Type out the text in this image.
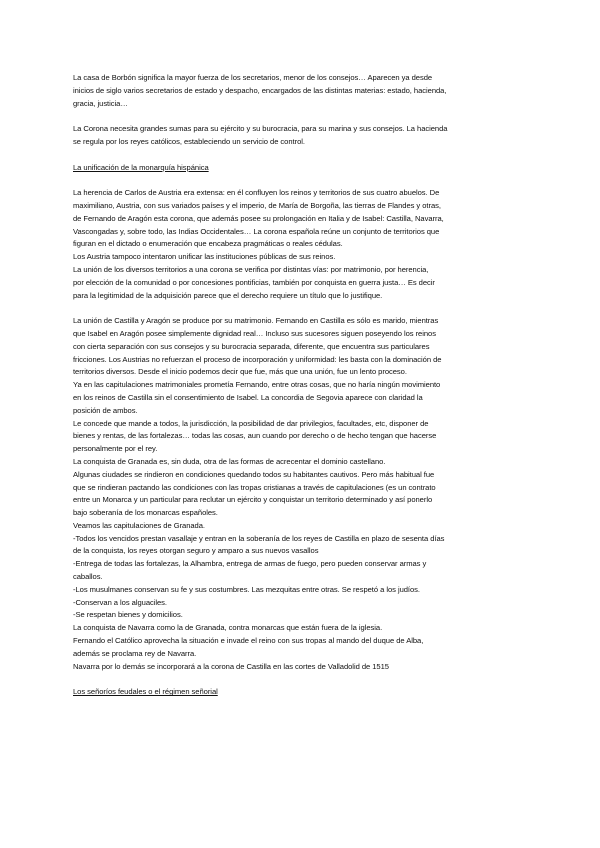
La casa de Borbón significa la mayor fuerza de los secretarios, menor de los consejos… Aparecen ya desde
inicios de siglo varios secretarios de estado y despacho, encargados de las distintas materias: estado, hacienda,
gracia, justicia…
La Corona necesita grandes sumas para su ejército y su burocracia, para su marina y sus consejos. La hacienda
se regula por los reyes católicos, estableciendo un servicio de control.
La unificación de la monarquía hispánica
La herencia de Carlos de Austria era extensa: en él confluyen los reinos y territorios de sus cuatro abuelos. De
maximiliano, Austria, con sus variados países y el imperio, de María de Borgoña, las tierras de Flandes y otras,
de Fernando de Aragón esta corona, que además posee su prolongación en Italia y de Isabel: Castilla, Navarra,
Vascongadas y, sobre todo, las Indias Occidentales… La corona española reúne un conjunto de territorios que
figuran en el dictado o enumeración que encabeza pragmáticas o reales cédulas.
Los Austria tampoco intentaron unificar las instituciones públicas de sus reinos.
La unión de los diversos territorios a una corona se verifica por distintas vías: por matrimonio, por herencia,
por elección de la comunidad o por concesiones pontificias, también por conquista en guerra justa… Es decir
para la legitimidad de la adquisición parece que el derecho requiere un título que lo justifique.
La unión de Castilla y Aragón se produce por su matrimonio. Fernando en Castilla es sólo es marido, mientras
que Isabel en Aragón posee simplemente dignidad real… Incluso sus sucesores siguen poseyendo los reinos
con cierta separación con sus consejos y su burocracia separada, diferente, que encuentra sus particulares
fricciones. Los Austrias no refuerzan el proceso de incorporación y uniformidad: les basta con la dominación de
territorios diversos. Desde el inicio podemos decir que fue, más que una unión, fue un lento proceso.
Ya en las capitulaciones matrimoniales prometía Fernando, entre otras cosas, que no haría ningún movimiento
en los reinos de Castilla sin el consentimiento de Isabel. La concordia de Segovia aparece con claridad la
posición de ambos.
Le concede que mande a todos, la jurisdicción, la posibilidad de dar privilegios, facultades, etc, disponer de
bienes y rentas, de las fortalezas… todas las cosas, aun cuando por derecho o de hecho tengan que hacerse
personalmente por el rey.
La conquista de Granada es, sin duda, otra de las formas de acrecentar el dominio castellano.
Algunas ciudades se rindieron en condiciones quedando todos su habitantes cautivos. Pero más habitual fue
que se rindieran pactando las condiciones con las tropas cristianas a través de capitulaciones (es un contrato
entre un Monarca y un particular para reclutar un ejército y conquistar un territorio determinado y así ponerlo
bajo soberanía de los monarcas españoles.
Veamos las capitulaciones de Granada.
-Todos los vencidos prestan vasallaje y entran en la soberanía de los reyes de Castilla en plazo de sesenta días
de la conquista, los reyes otorgan seguro y amparo a sus nuevos vasallos
-Entrega de todas las fortalezas, la Alhambra, entrega de armas de fuego, pero pueden conservar armas y
caballos.
-Los musulmanes conservan su fe y sus costumbres. Las mezquitas entre otras. Se respetó a los judíos.
-Conservan a los alguaciles.
-Se respetan bienes y domicilios.
La conquista de Navarra como la de Granada, contra monarcas que están fuera de la iglesia.
Fernando el Católico aprovecha la situación e invade el reino con sus tropas al mando del duque de Alba,
además se proclama rey de Navarra.
Navarra por lo demás se incorporará a la corona de Castilla en las cortes de Valladolid de 1515
Los señoríos feudales o el régimen señorial
